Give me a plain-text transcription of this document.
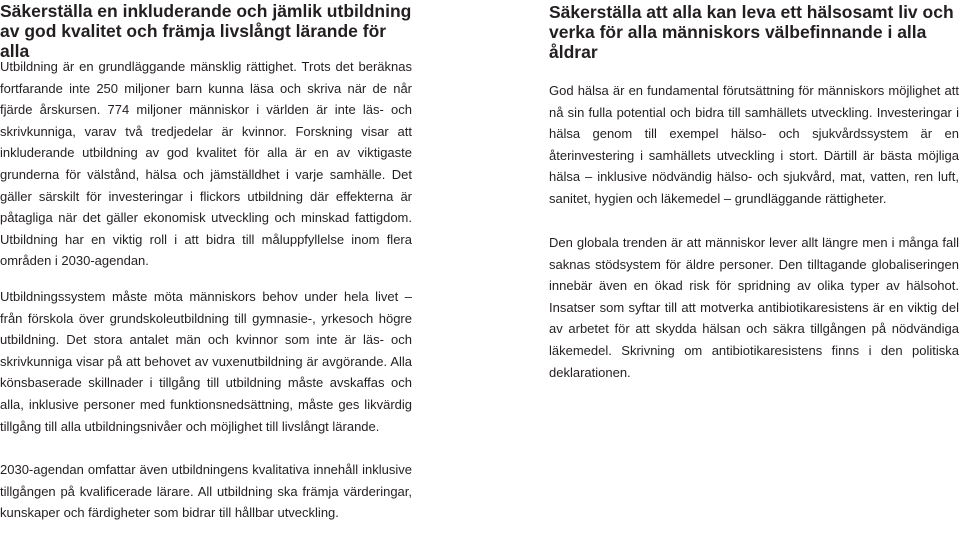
Säkerställa en inkluderande och jämlik utbildning av god kvalitet och främja livslångt lärande för alla

Utbildning är en grundläggande mänsklig rättighet. Trots det beräknas fortfarande inte 250 miljoner barn kunna läsa och skriva när de når fjärde årskursen. 774 miljoner människor i världen är inte läs- och skrivkunniga, varav två tredjedelar är kvinnor. Forskning visar att inkluderande utbildning av god kvalitet för alla är en av viktigaste grunderna för välstånd, hälsa och jämställdhet i varje samhälle. Det gäller särskilt för investeringar i flickors utbildning där effekterna är påtagliga när det gäller ekonomisk utveckling och minskad fattigdom. Utbildning har en viktig roll i att bidra till måluppfyllelse inom flera områden i 2030-agendan.

Utbildningssystem måste möta människors behov under hela livet – från förskola över grundskoleutbildning till gymnasie-, yrkesoch högre utbildning. Det stora antalet män och kvinnor som inte är läs- och skrivkunniga visar på att behovet av vuxenutbildning är avgörande. Alla könsbaserade skillnader i tillgång till utbildning måste avskaffas och alla, inklusive personer med funktionsnedsättning, måste ges likvärdig tillgång till alla utbildningsnivåer och möjlighet till livslångt lärande.

2030-agendan omfattar även utbildningens kvalitativa innehåll inklusive tillgången på kvalificerade lärare. All utbildning ska främja värderingar, kunskaper och färdigheter som bidrar till hållbar utveckling.

Säkerställa att alla kan leva ett hälsosamt liv och verka för alla människors välbefinnande i alla åldrar

God hälsa är en fundamental förutsättning för människors möjlighet att nå sin fulla potential och bidra till samhällets utveckling. Investeringar i hälsa genom till exempel hälso- och sjukvårdssystem är en återinvestering i samhällets utveckling i stort. Därtill är bästa möjliga hälsa – inklusive nödvändig hälso- och sjukvård, mat, vatten, ren luft, sanitet, hygien och läkemedel – grundläggande rättigheter.

Den globala trenden är att människor lever allt längre men i många fall saknas stödsystem för äldre personer. Den tilltagande globaliseringen innebär även en ökad risk för spridning av olika typer av hälsohot. Insatser som syftar till att motverka antibiotikaresistens är en viktig del av arbetet för att skydda hälsan och säkra tillgången på nödvändiga läkemedel. Skrivning om antibiotikaresistens finns i den politiska deklarationen.
